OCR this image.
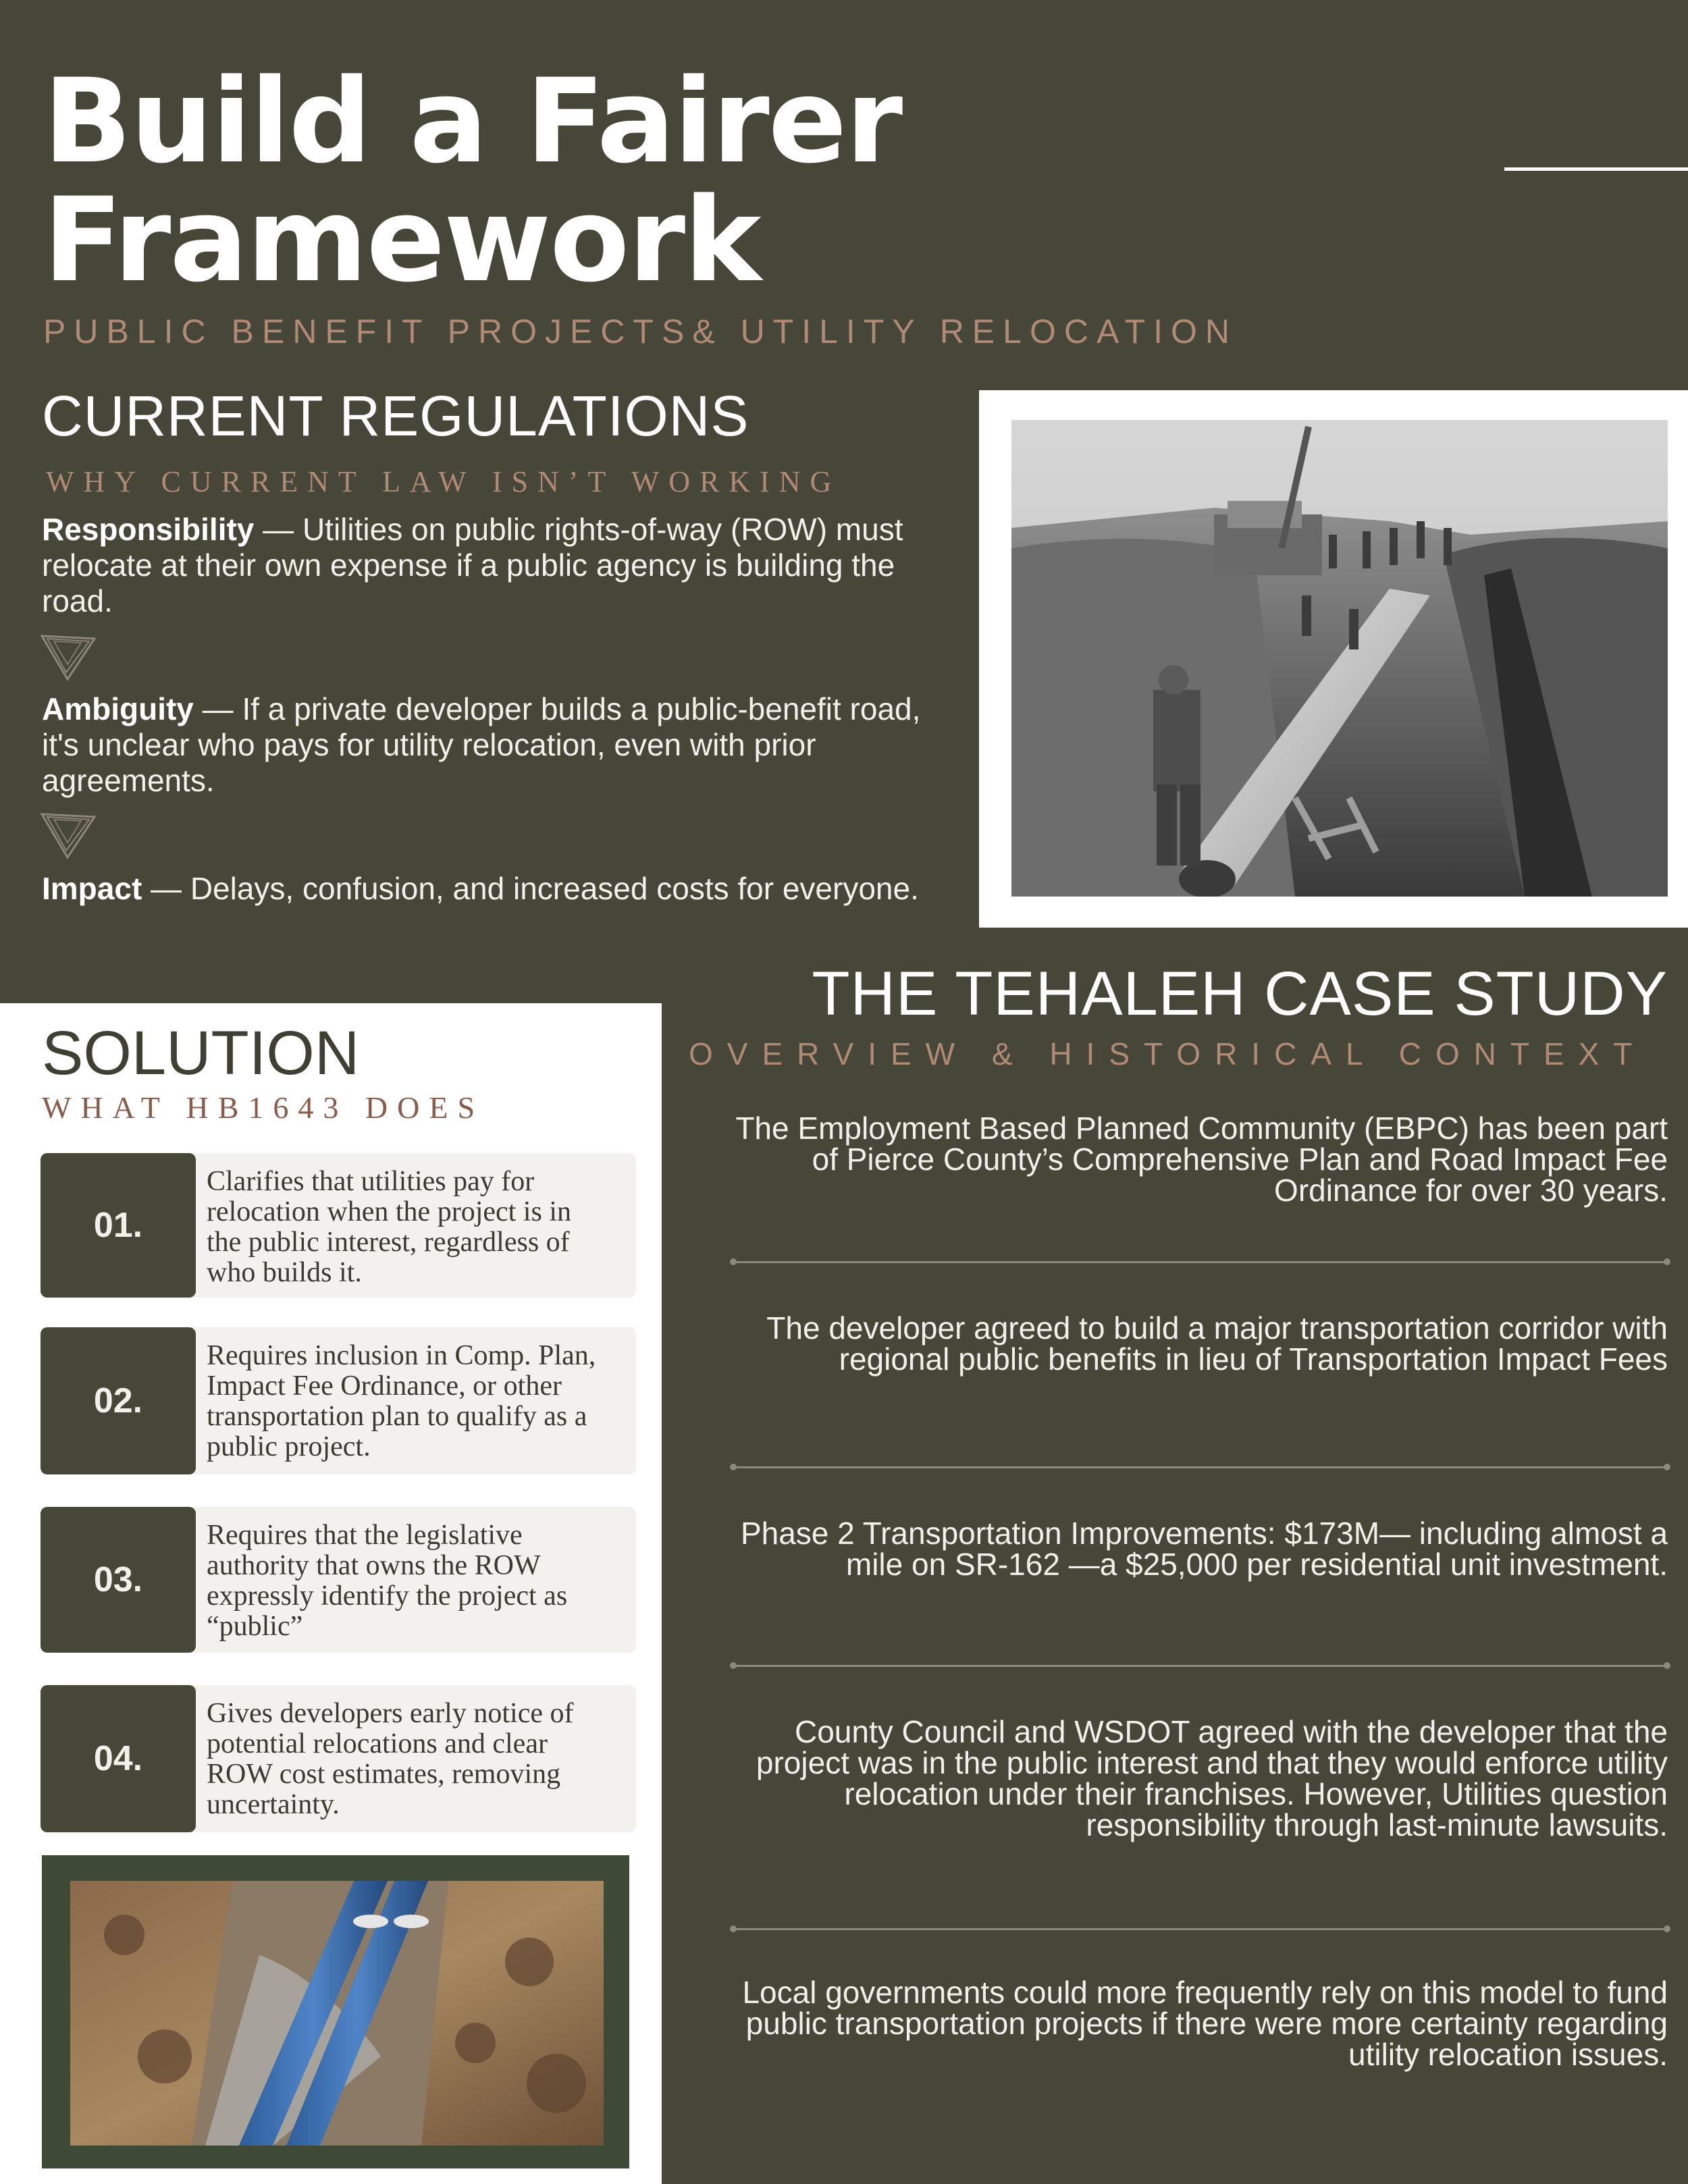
Build a Fairer
Framework
PUBLIC BENEFIT PROJECTS& UTILITY RELOCATION
CURRENT REGULATIONS
WHY CURRENT LAW ISN’T WORKING
Responsibility — Utilities on public rights-of-way (ROW) must relocate at their own expense if a public agency is building the road.
Ambiguity — If a private developer builds a public-benefit road, it's unclear who pays for utility relocation, even with prior agreements.
Impact — Delays, confusion, and increased costs for everyone.
SOLUTION
WHAT HB1643 DOES
01.
Clarifies that utilities pay for relocation when the project is in the public interest, regardless of who builds it.
02.
Requires inclusion in Comp. Plan, Impact Fee Ordinance, or other transportation plan to qualify as a public project.
03.
Requires that the legislative authority that owns the ROW expressly identify the project as “public”
04.
Gives developers early notice of potential relocations and clear ROW cost estimates, removing uncertainty.
THE TEHALEH CASE STUDY
OVERVIEW & HISTORICAL CONTEXT
The Employment Based Planned Community (EBPC) has been part of Pierce County’s Comprehensive Plan and Road Impact Fee Ordinance for over 30 years.
The developer agreed to build a major transportation corridor with regional public benefits in lieu of Transportation Impact Fees
Phase 2 Transportation Improvements: $173M— including almost a mile on SR-162 —a $25,000 per residential unit investment.
County Council and WSDOT agreed with the developer that the project was in the public interest and that they would enforce utility relocation under their franchises. However, Utilities question responsibility through last-minute lawsuits.
Local governments could more frequently rely on this model to fund public transportation projects if there were more certainty regarding utility relocation issues.
